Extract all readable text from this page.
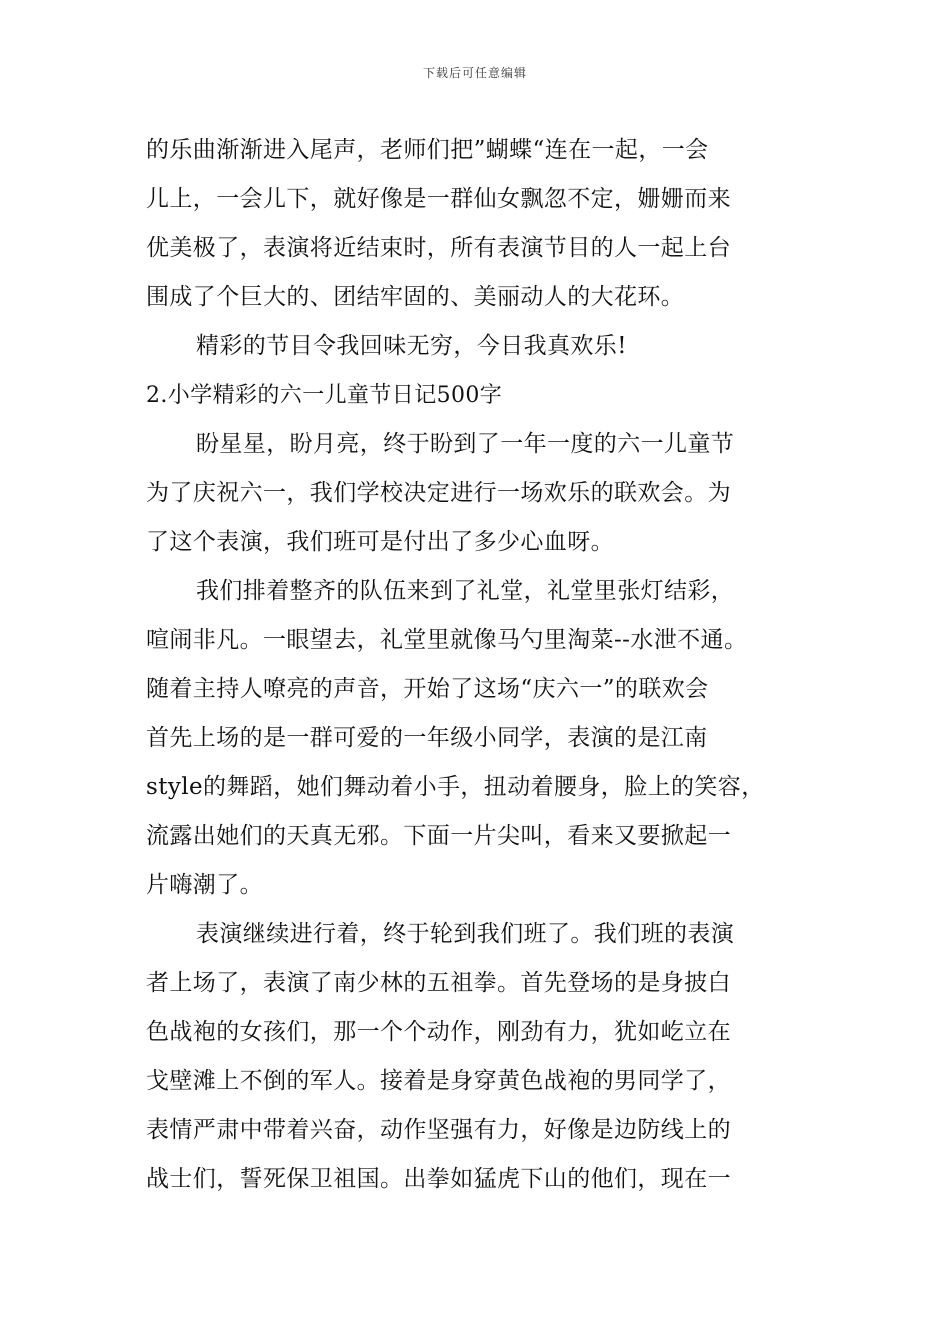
下载后可任意编辑
的乐曲渐渐进入尾声，老师们把”蝴蝶“连在一起，一会
儿上，一会儿下，就好像是一群仙女飘忽不定，姗姗而来
优美极了，表演将近结束时，所有表演节目的人一起上台
围成了个巨大的、团结牢固的、美丽动人的大花环。
精彩的节目令我回味无穷，今日我真欢乐!
2.小学精彩的六一儿童节日记500字
盼星星，盼月亮，终于盼到了一年一度的六一儿童节
为了庆祝六一，我们学校决定进行一场欢乐的联欢会。为
了这个表演，我们班可是付出了多少心血呀。
我们排着整齐的队伍来到了礼堂，礼堂里张灯结彩，
喧闹非凡。一眼望去，礼堂里就像马勺里淘菜--水泄不通。
随着主持人嘹亮的声音，开始了这场“庆六一”的联欢会
首先上场的是一群可爱的一年级小同学，表演的是江南
style的舞蹈，她们舞动着小手，扭动着腰身，脸上的笑容，
流露出她们的天真无邪。下面一片尖叫，看来又要掀起一
片嗨潮了。
表演继续进行着，终于轮到我们班了。我们班的表演
者上场了，表演了南少林的五祖拳。首先登场的是身披白
色战袍的女孩们，那一个个动作，刚劲有力，犹如屹立在
戈壁滩上不倒的军人。接着是身穿黄色战袍的男同学了，
表情严肃中带着兴奋，动作坚强有力，好像是边防线上的
战士们，誓死保卫祖国。出拳如猛虎下山的他们，现在一
